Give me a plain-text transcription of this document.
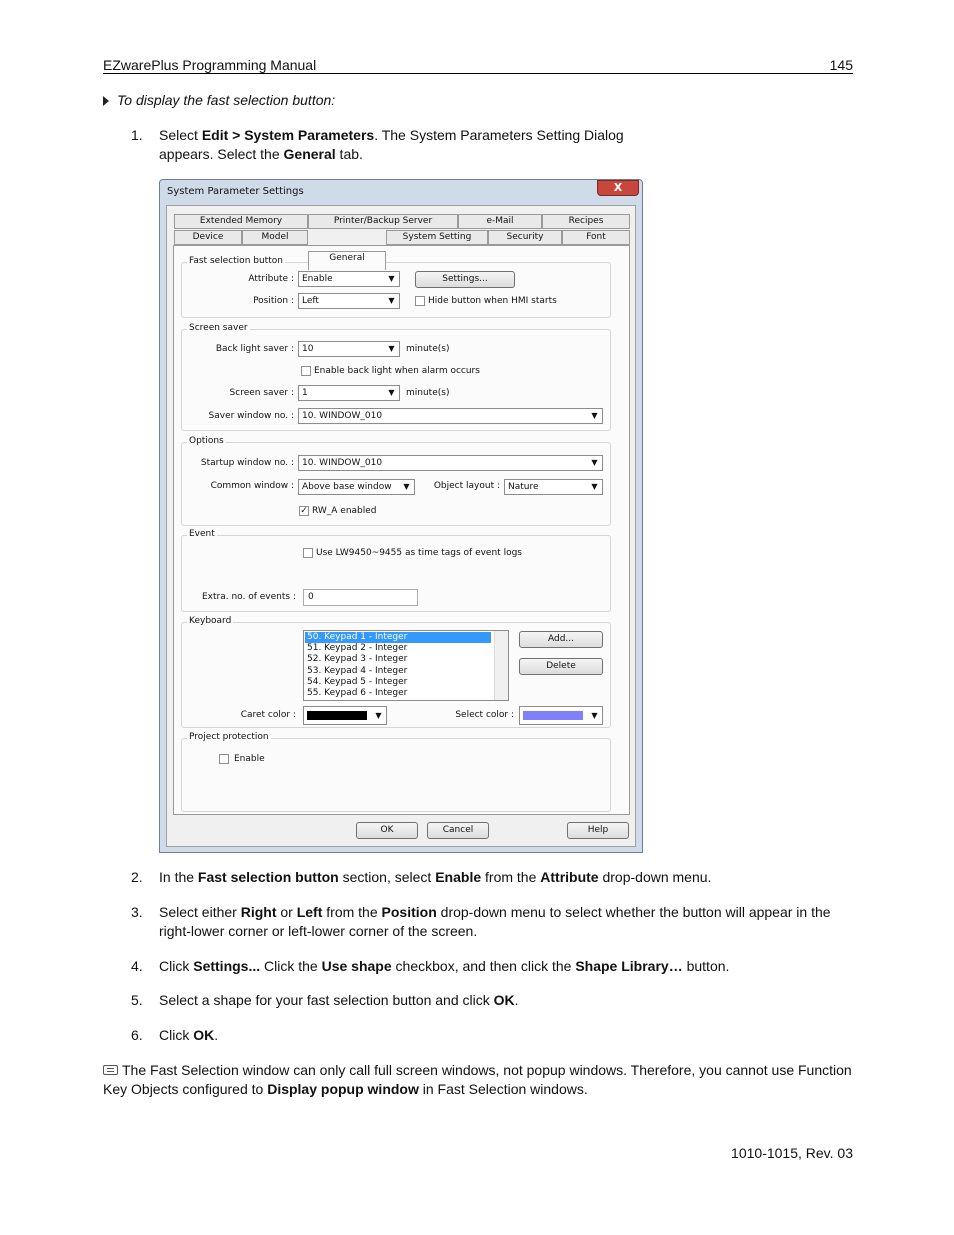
EZwarePlus Programming Manual	145
To display the fast selection button:
1. Select Edit > System Parameters. The System Parameters Setting Dialog appears. Select the General tab.
System Parameter Settings	X
Extended Memory	Printer/Backup Server	e-Mail	Recipes
Device	Model
General
System Setting	Security	Font
Fast selection button
Attribute : Enable	▼	Settings...
Position : Left	▼	Hide button when HMI starts
Screen saver
Back light saver : 10	▼	minute(s)
Enable back light when alarm occurs
Screen saver : 1	▼	minute(s)
Saver window no. : 10. WINDOW_010	▼
Options
Startup window no. : 10. WINDOW_010	▼
Common window : Above base window	▼	Object layout : Nature	▼
✓ RW_A enabled
Event
Use LW9450~9455 as time tags of event logs
Extra. no. of events :	0
Keyboard
50. Keypad 1 - Integer
51. Keypad 2 - Integer
52. Keypad 3 - Integer
53. Keypad 4 - Integer
54. Keypad 5 - Integer
55. Keypad 6 - Integer
Add...
Delete
Caret color :	▼	Select color :	▼
Project protection
Enable
OK	Cancel	Help
2. In the Fast selection button section, select Enable from the Attribute drop-down menu.
3. Select either Right or Left from the Position drop-down menu to select whether the button will appear in the right-lower corner or left-lower corner of the screen.
4. Click Settings... Click the Use shape checkbox, and then click the Shape Library… button.
5. Select a shape for your fast selection button and click OK.
6. Click OK.
The Fast Selection window can only call full screen windows, not popup windows. Therefore, you cannot use Function Key Objects configured to Display popup window in Fast Selection windows.
1010-1015, Rev. 03
